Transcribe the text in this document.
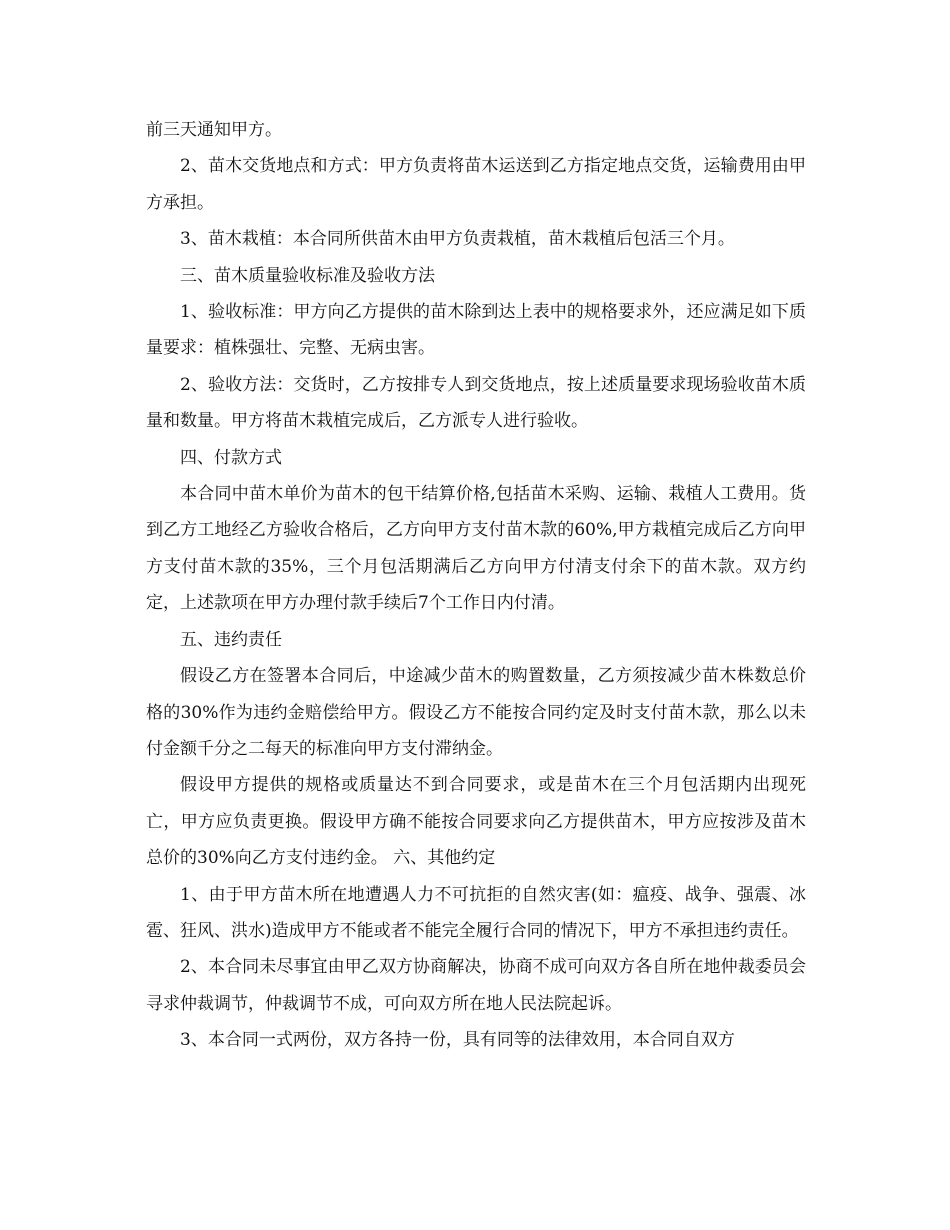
前三天通知甲方。

2、苗木交货地点和方式：甲方负责将苗木运送到乙方指定地点交货，运输费用由甲方承担。

3、苗木栽植：本合同所供苗木由甲方负责栽植，苗木栽植后包活三个月。

三、苗木质量验收标准及验收方法

1、验收标准：甲方向乙方提供的苗木除到达上表中的规格要求外，还应满足如下质量要求：植株强壮、完整、无病虫害。

2、验收方法：交货时，乙方按排专人到交货地点，按上述质量要求现场验收苗木质量和数量。甲方将苗木栽植完成后，乙方派专人进行验收。

四、付款方式

本合同中苗木单价为苗木的包干结算价格,包括苗木采购、运输、栽植人工费用。货到乙方工地经乙方验收合格后，乙方向甲方支付苗木款的60%,甲方栽植完成后乙方向甲方支付苗木款的35%，三个月包活期满后乙方向甲方付清支付余下的苗木款。双方约定，上述款项在甲方办理付款手续后7个工作日内付清。

五、违约责任

假设乙方在签署本合同后，中途减少苗木的购置数量，乙方须按减少苗木株数总价格的30%作为违约金赔偿给甲方。假设乙方不能按合同约定及时支付苗木款，那么以未付金额千分之二每天的标准向甲方支付滞纳金。

假设甲方提供的规格或质量达不到合同要求，或是苗木在三个月包活期内出现死亡，甲方应负责更换。假设甲方确不能按合同要求向乙方提供苗木，甲方应按涉及苗木总价的30%向乙方支付违约金。 六、其他约定

1、由于甲方苗木所在地遭遇人力不可抗拒的自然灾害(如：瘟疫、战争、强震、冰雹、狂风、洪水)造成甲方不能或者不能完全履行合同的情况下，甲方不承担违约责任。

2、本合同未尽事宜由甲乙双方协商解决，协商不成可向双方各自所在地仲裁委员会寻求仲裁调节，仲裁调节不成，可向双方所在地人民法院起诉。

3、本合同一式两份，双方各持一份，具有同等的法律效用，本合同自双方
